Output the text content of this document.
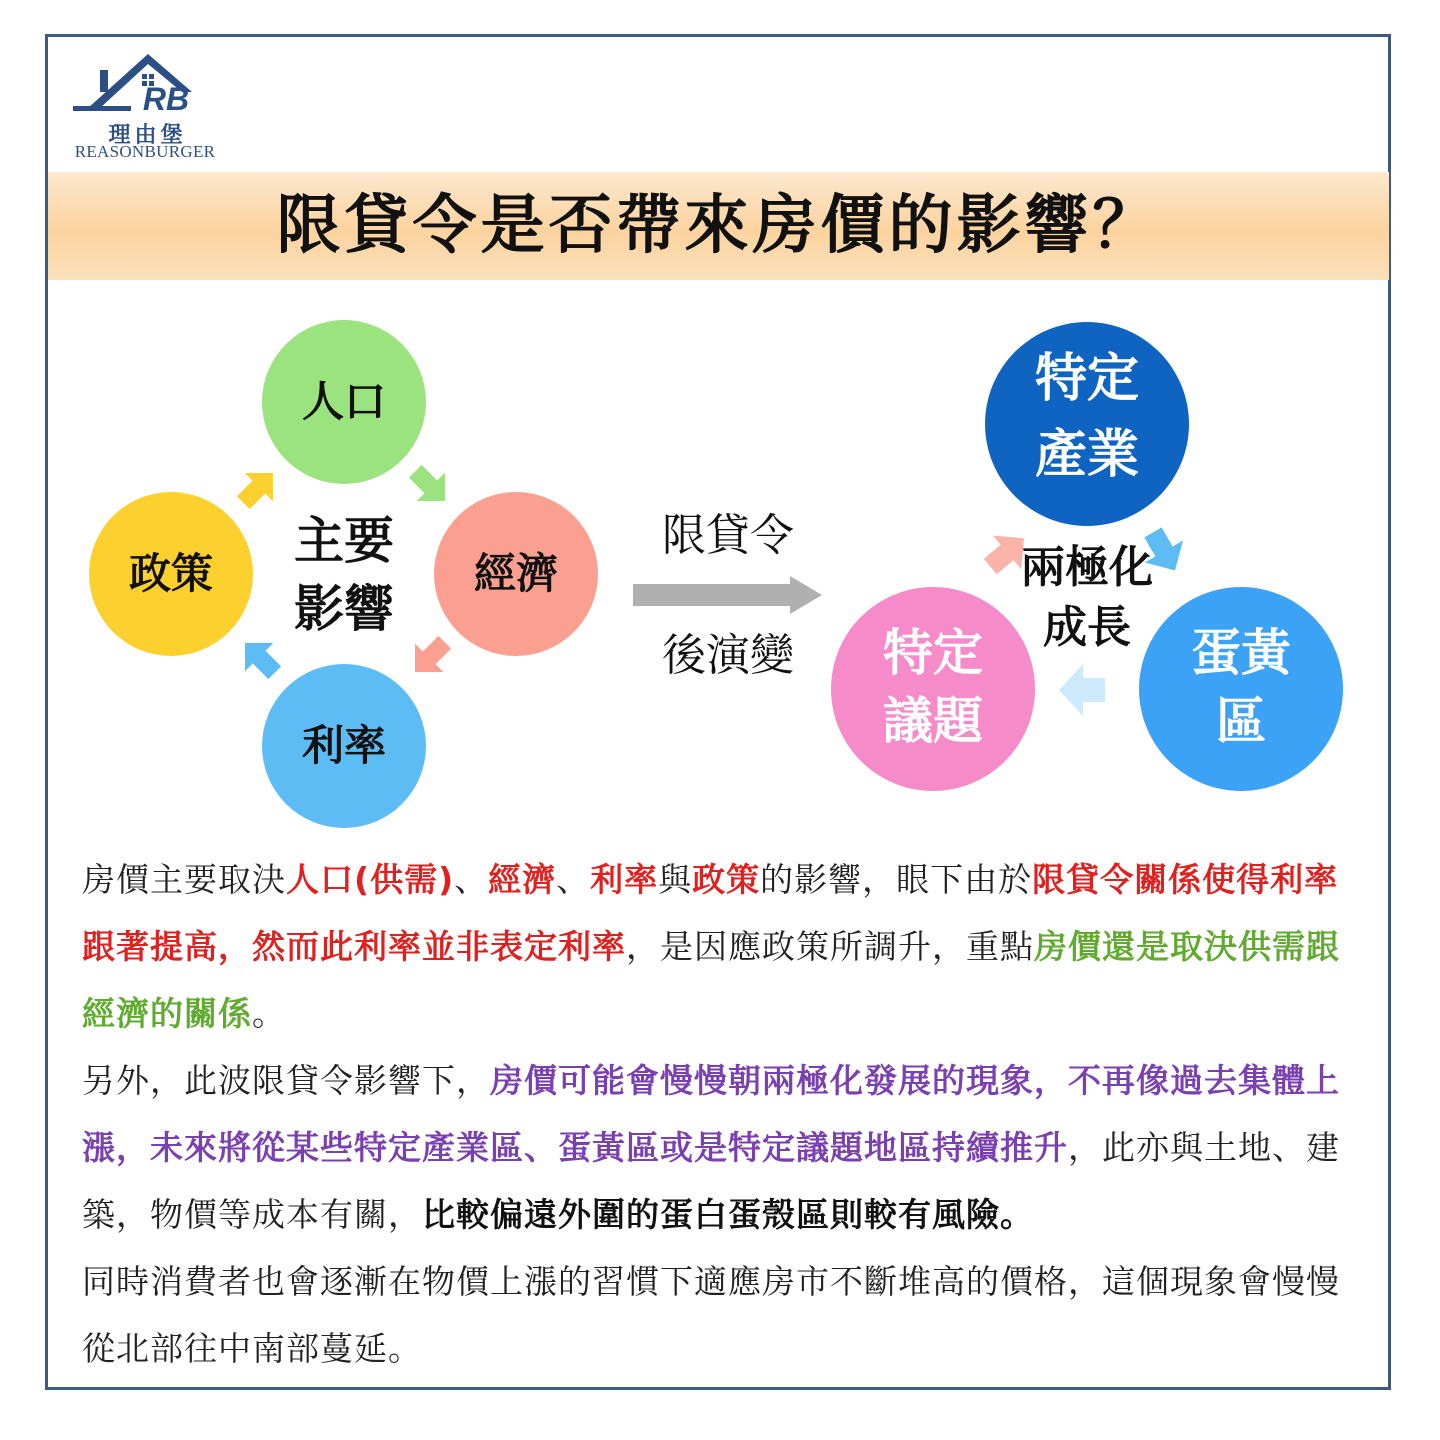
RB
理由堡
REASONBURGER
限貸令是否帶來房價的影響？
人口
經濟
利率
政策
主要
影響
限貸令
後演變
特定
產業
蛋黃
區
特定
議題
兩極化
成長

房價主要取決人口(供需)、經濟、利率與政策的影響，眼下由於限貸令關係使得利率跟著提高，然而此利率並非表定利率，是因應政策所調升，重點房價還是取決供需跟經濟的關係。

另外，此波限貸令影響下，房價可能會慢慢朝兩極化發展的現象，不再像過去集體上漲，未來將從某些特定產業區、蛋黃區或是特定議題地區持續推升，此亦與土地、建築，物價等成本有關，比較偏遠外圍的蛋白蛋殼區則較有風險。

同時消費者也會逐漸在物價上漲的習慣下適應房市不斷堆高的價格，這個現象會慢慢從北部往中南部蔓延。
